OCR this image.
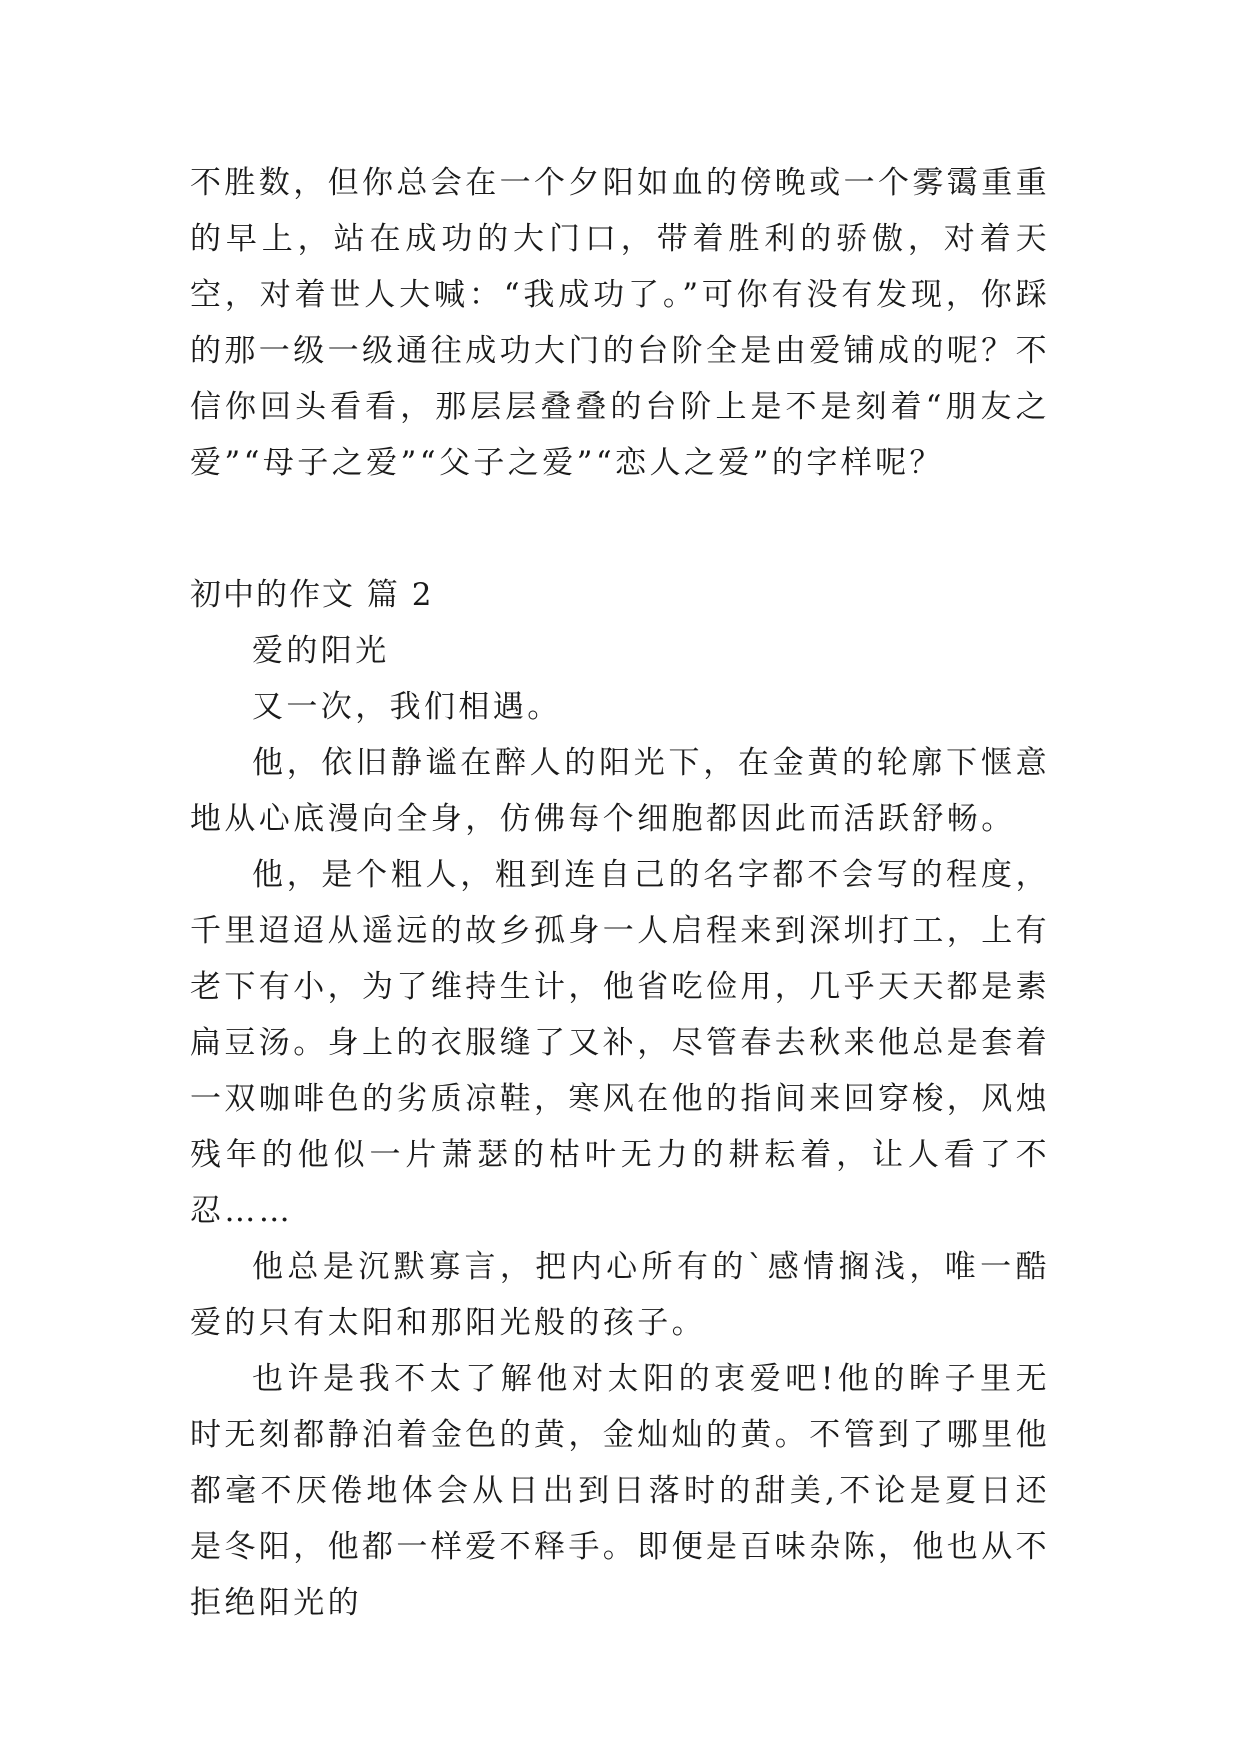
不胜数，但你总会在一个夕阳如血的傍晚或一个雾霭重重的早上，站在成功的大门口，带着胜利的骄傲，对着天空，对着世人大喊：“我成功了。”可你有没有发现，你踩的那一级一级通往成功大门的台阶全是由爱铺成的呢？不信你回头看看，那层层叠叠的台阶上是不是刻着“朋友之爱”“母子之爱”“父子之爱”“恋人之爱”的字样呢？

初中的作文 篇 2

爱的阳光

又一次，我们相遇。

他，依旧静谧在醉人的阳光下，在金黄的轮廓下惬意地从心底漫向全身，仿佛每个细胞都因此而活跃舒畅。

他，是个粗人，粗到连自己的名字都不会写的程度，千里迢迢从遥远的故乡孤身一人启程来到深圳打工，上有老下有小，为了维持生计，他省吃俭用，几乎天天都是素扁豆汤。身上的衣服缝了又补，尽管春去秋来他总是套着一双咖啡色的劣质凉鞋，寒风在他的指间来回穿梭，风烛残年的他似一片萧瑟的枯叶无力的耕耘着，让人看了不忍……

他总是沉默寡言，把内心所有的`感情搁浅，唯一酷爱的只有太阳和那阳光般的孩子。

也许是我不太了解他对太阳的衷爱吧!他的眸子里无时无刻都静泊着金色的黄，金灿灿的黄。不管到了哪里他都毫不厌倦地体会从日出到日落时的甜美,不论是夏日还是冬阳，他都一样爱不释手。即便是百味杂陈，他也从不拒绝阳光的
